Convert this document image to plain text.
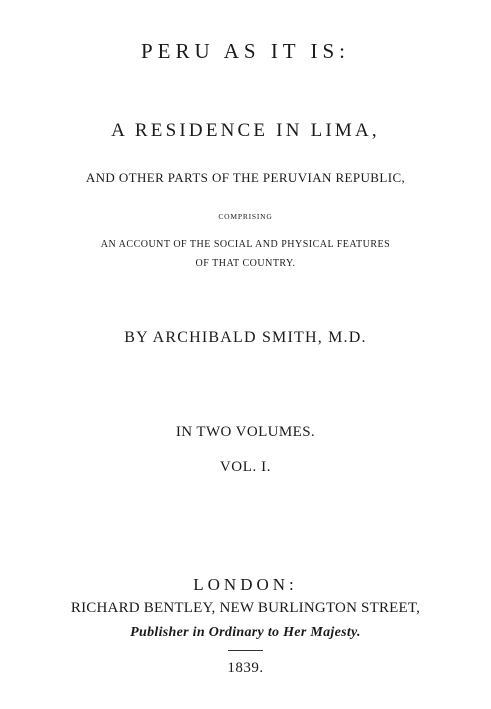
PERU AS IT IS:
A RESIDENCE IN LIMA,
AND OTHER PARTS OF THE PERUVIAN REPUBLIC,
COMPRISING
AN ACCOUNT OF THE SOCIAL AND PHYSICAL FEATURES
OF THAT COUNTRY.
BY ARCHIBALD SMITH, M.D.
IN TWO VOLUMES.
VOL. I.
LONDON:
RICHARD BENTLEY, NEW BURLINGTON STREET,
Publisher in Ordinary to Her Majesty.
1839.
